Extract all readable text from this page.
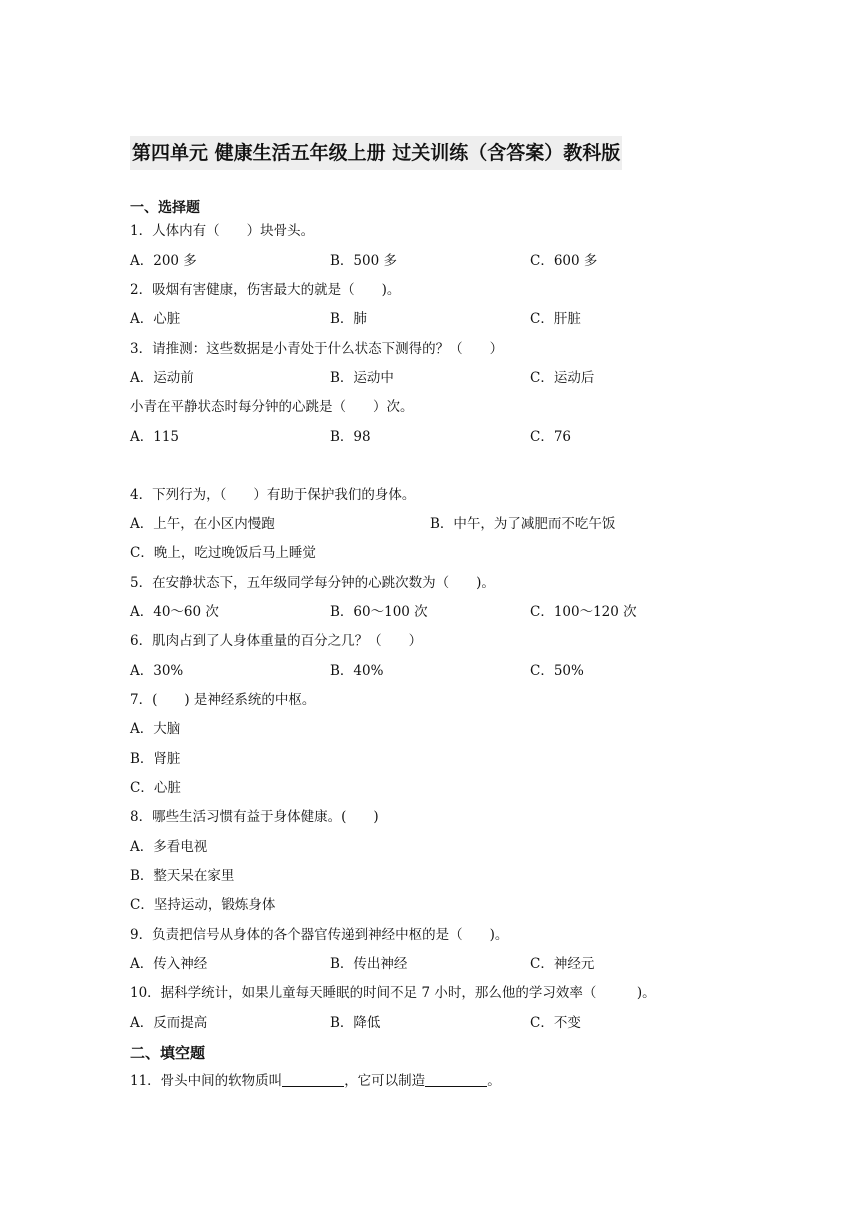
第四单元 健康生活五年级上册 过关训练（含答案）教科版
一、选择题
1．人体内有（　　）块骨头。
A．200 多	B．500 多	C．600 多
2．吸烟有害健康，伤害最大的就是（　　)。
A．心脏	B．肺	C．肝脏
3．请推测：这些数据是小青处于什么状态下测得的？（　　）
A．运动前	B．运动中	C．运动后
小青在平静状态时每分钟的心跳是（　　）次。
A．115	B．98	C．76
4．下列行为，（　　）有助于保护我们的身体。
A．上午，在小区内慢跑	B．中午，为了减肥而不吃午饭
C．晚上，吃过晚饭后马上睡觉
5．在安静状态下，五年级同学每分钟的心跳次数为（　　)。
A．40～60 次	B．60～100 次	C．100～120 次
6．肌肉占到了人身体重量的百分之几？（　　）
A．30%	B．40%	C．50%
7．(　　) 是神经系统的中枢。
A．大脑
B．肾脏
C．心脏
8．哪些生活习惯有益于身体健康。(　　)
A．多看电视
B．整天呆在家里
C．坚持运动，锻炼身体
9．负责把信号从身体的各个器官传递到神经中枢的是（　　)。
A．传入神经	B．传出神经	C．神经元
10．据科学统计，如果儿童每天睡眠的时间不足 7 小时，那么他的学习效率（　　　)。
A．反而提高	B．降低	C．不变
二、填空题
11．骨头中间的软物质叫	，它可以制造	。
